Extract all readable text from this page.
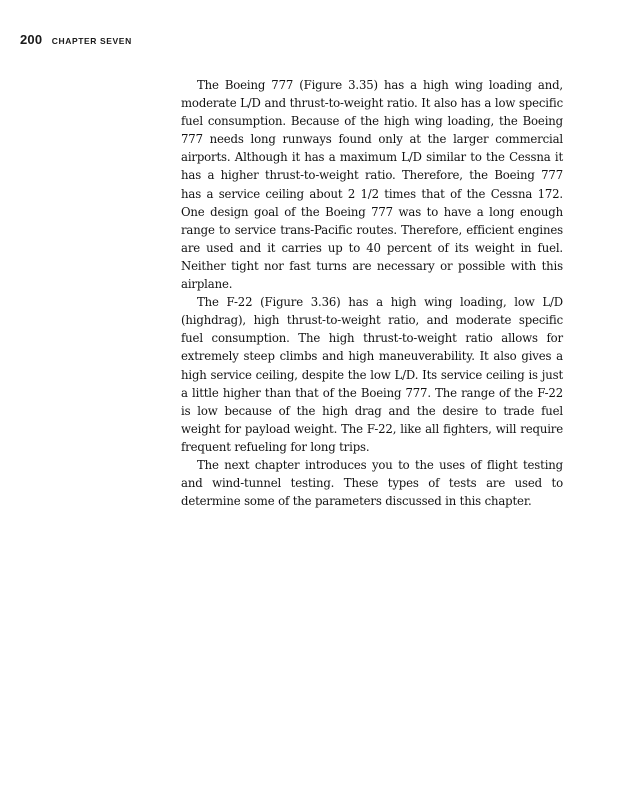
200 CHAPTER SEVEN

The Boeing 777 (Figure 3.35) has a high wing loading and, moderate L/D and thrust-to-weight ratio. It also has a low specific fuel consumption. Because of the high wing loading, the Boeing 777 needs long runways found only at the larger commercial airports. Although it has a maximum L/D similar to the Cessna it has a higher thrust-to-weight ratio. Therefore, the Boeing 777 has a service ceiling about 2 1/2 times that of the Cessna 172. One design goal of the Boeing 777 was to have a long enough range to service trans-Pacific routes. Therefore, efficient engines are used and it carries up to 40 percent of its weight in fuel. Neither tight nor fast turns are necessary or possible with this airplane.

The F-22 (Figure 3.36) has a high wing loading, low L/D (highdrag), high thrust-to-weight ratio, and moderate specific fuel consumption. The high thrust-to-weight ratio allows for extremely steep climbs and high maneuverability. It also gives a high service ceiling, despite the low L/D. Its service ceiling is just a little higher than that of the Boeing 777. The range of the F-22 is low because of the high drag and the desire to trade fuel weight for payload weight. The F-22, like all fighters, will require frequent refueling for long trips.

The next chapter introduces you to the uses of flight testing and wind-tunnel testing. These types of tests are used to determine some of the parameters discussed in this chapter.
